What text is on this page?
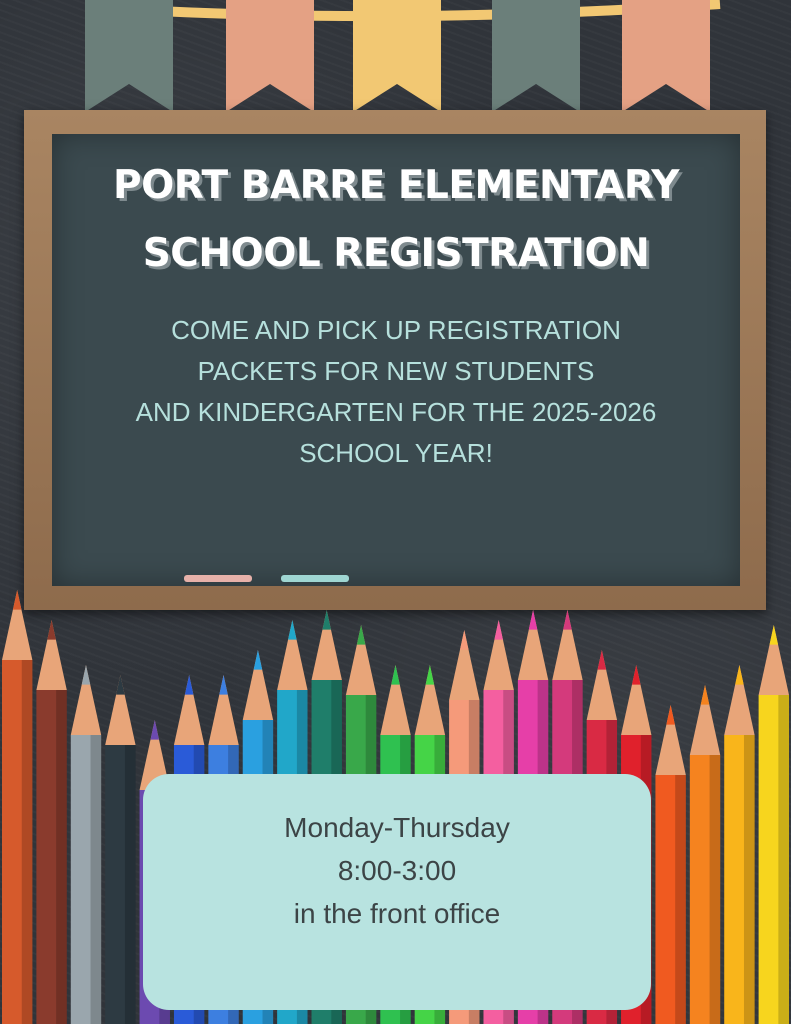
PORT BARRE ELEMENTARY
SCHOOL REGISTRATION
COME AND PICK UP REGISTRATION
PACKETS FOR NEW STUDENTS
AND KINDERGARTEN FOR THE 2025-2026
SCHOOL YEAR!
Monday-Thursday
8:00-3:00
in the front office
